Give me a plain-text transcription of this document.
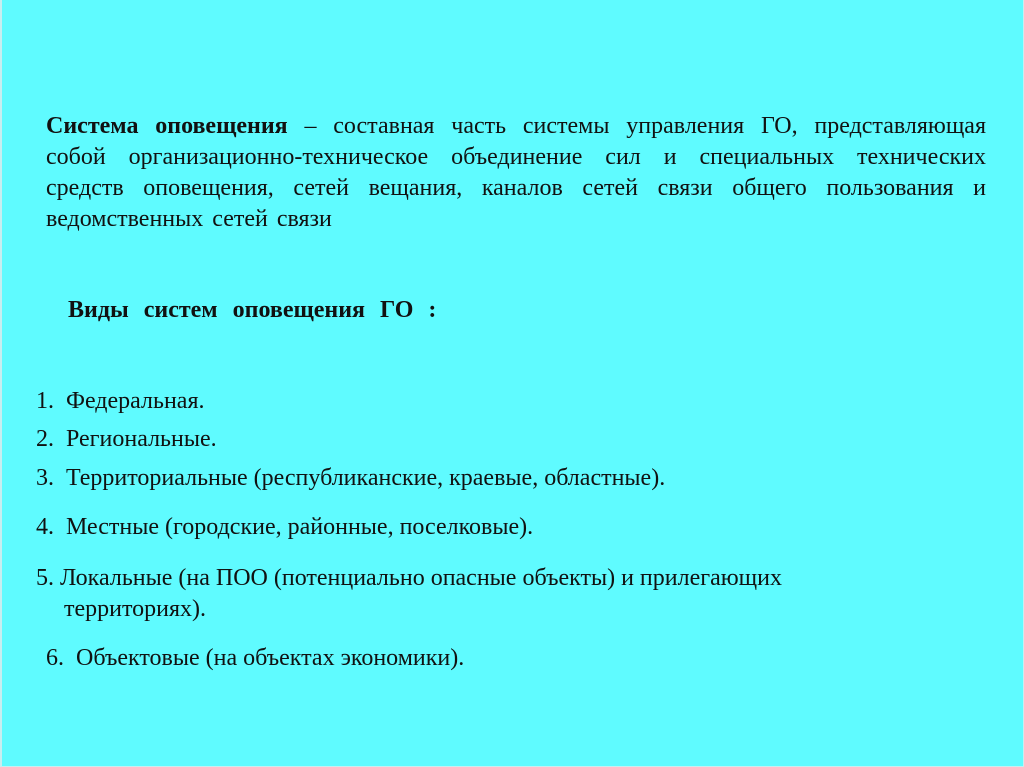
Система оповещения – составная часть системы управления ГО, представляющая собой организационно-техническое объединение сил и специальных технических средств оповещения, сетей вещания, каналов сетей связи общего пользования и ведомственных сетей связи

Виды систем оповещения ГО :

1. Федеральная.

2. Региональные.

3. Территориальные (республиканские, краевые, областные).

4. Местные (городские, районные, поселковые).

5. Локальные (на ПОО (потенциально опасные объекты) и прилегающих
территориях).

6. Объектовые (на объектах экономики).
